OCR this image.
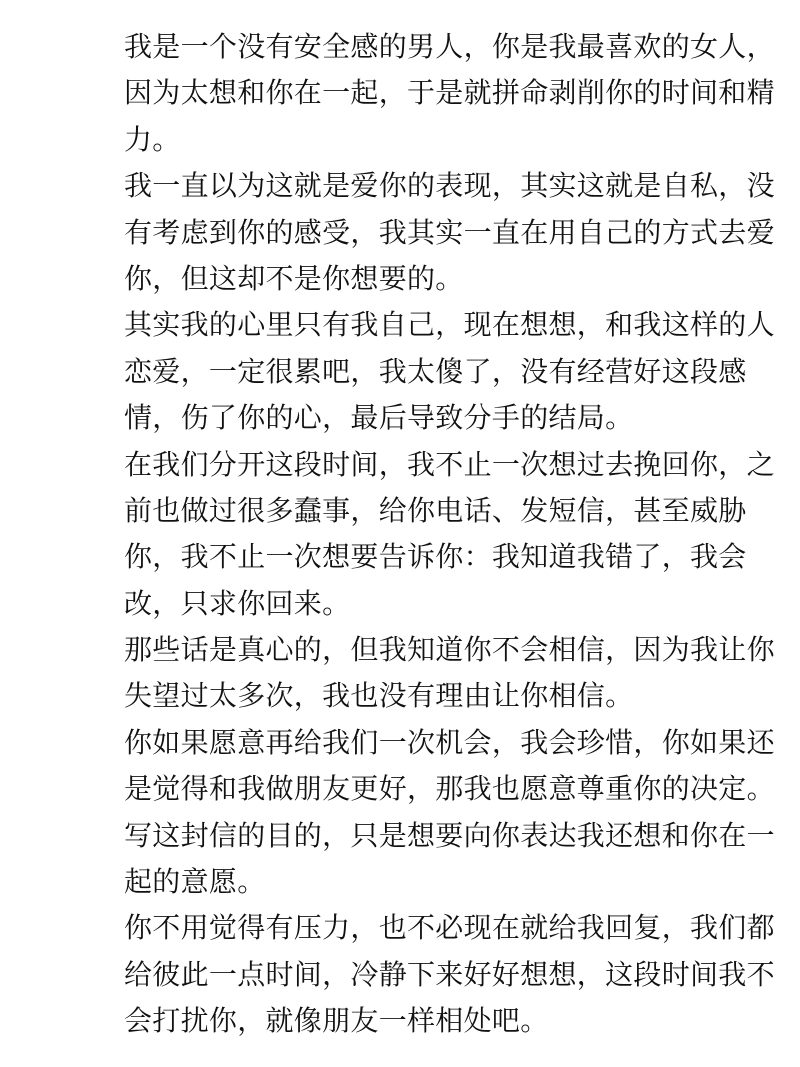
我是一个没有安全感的男人，你是我最喜欢的女人，
因为太想和你在一起，于是就拼命剥削你的时间和精
力。
我一直以为这就是爱你的表现，其实这就是自私，没
有考虑到你的感受，我其实一直在用自己的方式去爱
你，但这却不是你想要的。
其实我的心里只有我自己，现在想想，和我这样的人
恋爱，一定很累吧，我太傻了，没有经营好这段感
情，伤了你的心，最后导致分手的结局。
在我们分开这段时间，我不止一次想过去挽回你，之
前也做过很多蠢事，给你电话、发短信，甚至威胁
你，我不止一次想要告诉你：我知道我错了，我会
改，只求你回来。
那些话是真心的，但我知道你不会相信，因为我让你
失望过太多次，我也没有理由让你相信。
你如果愿意再给我们一次机会，我会珍惜，你如果还
是觉得和我做朋友更好，那我也愿意尊重你的决定。
写这封信的目的，只是想要向你表达我还想和你在一
起的意愿。
你不用觉得有压力，也不必现在就给我回复，我们都
给彼此一点时间，冷静下来好好想想，这段时间我不
会打扰你，就像朋友一样相处吧。
